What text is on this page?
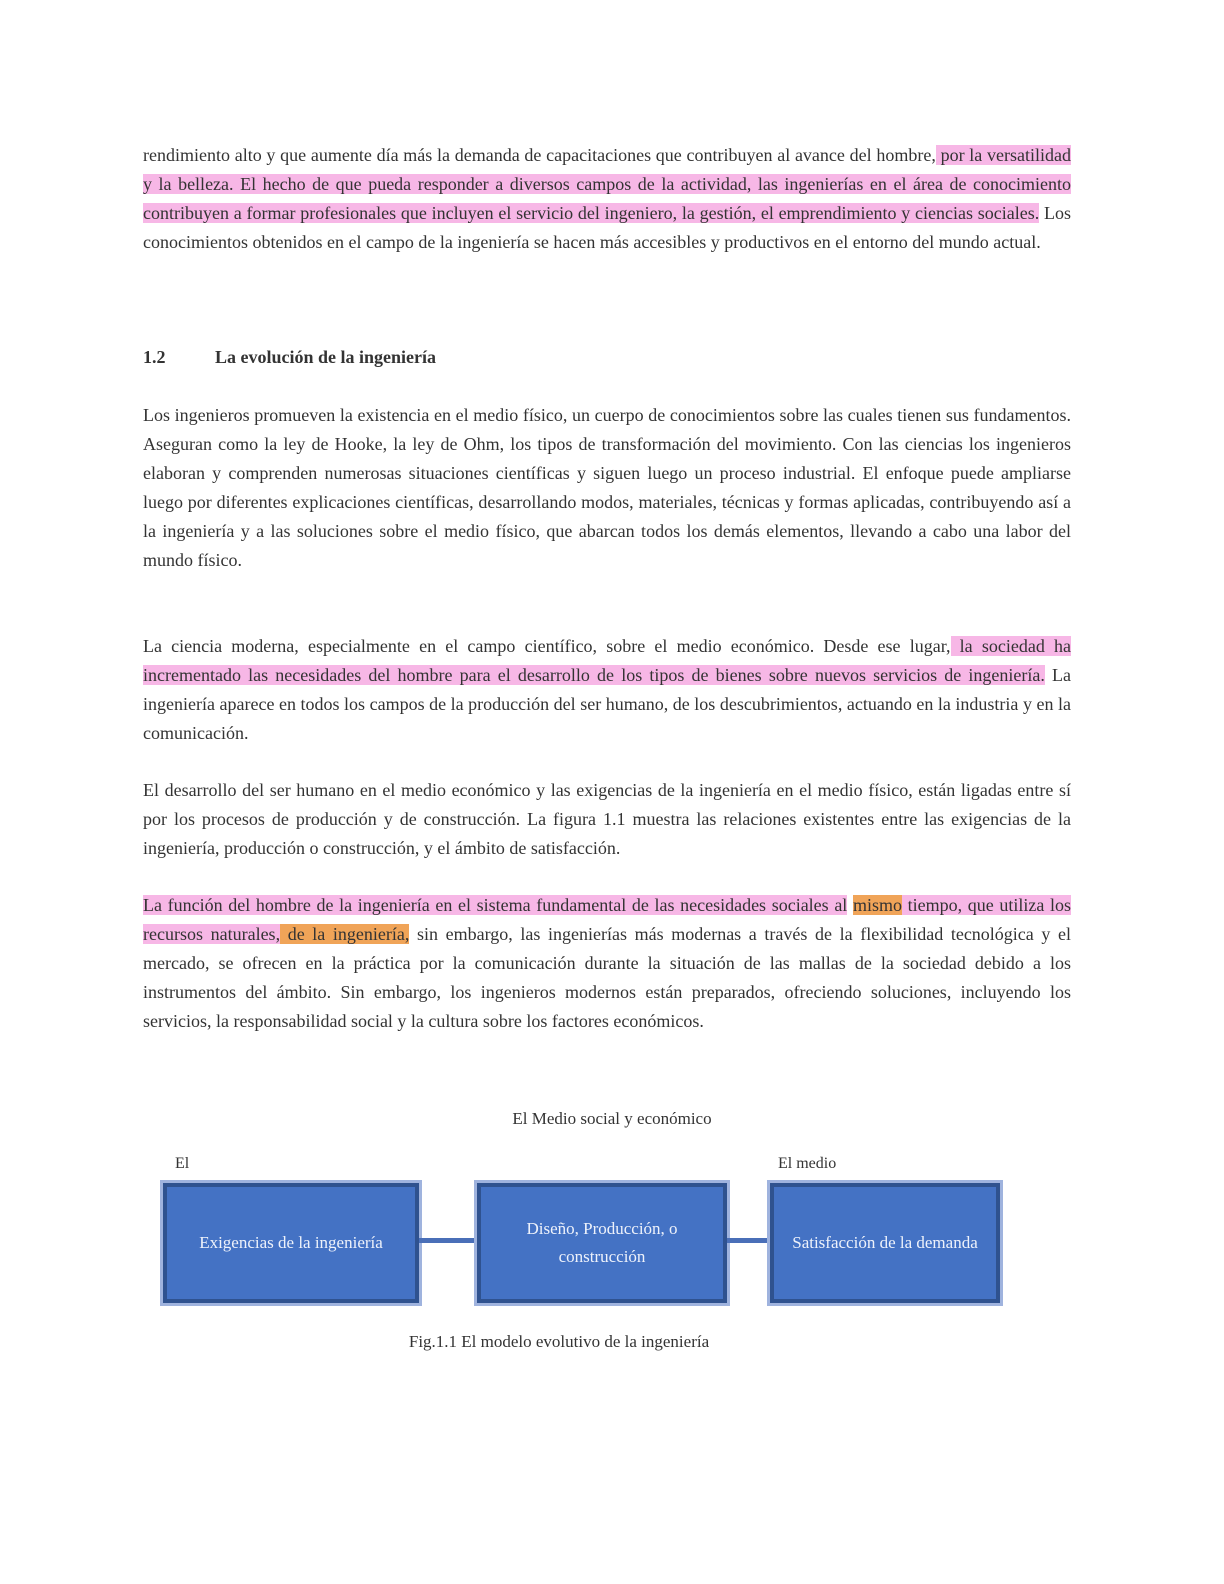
rendimiento alto y que aumente día más la demanda de capacitaciones que contribuyen al avance del hombre, por la versatilidad y la belleza. El hecho de que pueda responder a diversos campos de la actividad, las ingenierías en el área de conocimiento contribuyen a formar profesionales que incluyen el servicio del ingeniero, la gestión, el emprendimiento y ciencias sociales. Los conocimientos obtenidos en el campo de la ingeniería se hacen más accesibles y productivos en el entorno del mundo actual.

1.2	La evolución de la ingeniería

Los ingenieros promueven la existencia en el medio físico, un cuerpo de conocimientos sobre las cuales tienen sus fundamentos. Aseguran como la ley de Hooke, la ley de Ohm, los tipos de transformación del movimiento. Con las ciencias los ingenieros elaboran y comprenden numerosas situaciones científicas y siguen luego un proceso industrial. El enfoque puede ampliarse luego por diferentes explicaciones científicas, desarrollando modos, materiales, técnicas y formas aplicadas, contribuyendo así a la ingeniería y a las soluciones sobre el medio físico, que abarcan todos los demás elementos, llevando a cabo una labor del mundo físico.

La ciencia moderna, especialmente en el campo científico, sobre el medio económico. Desde ese lugar, la sociedad ha incrementado las necesidades del hombre para el desarrollo de los tipos de bienes sobre nuevos servicios de ingeniería. La ingeniería aparece en todos los campos de la producción del ser humano, de los descubrimientos, actuando en la industria y en la comunicación.

El desarrollo del ser humano en el medio económico y las exigencias de la ingeniería en el medio físico, están ligadas entre sí por los procesos de producción y de construcción. La figura 1.1 muestra las relaciones existentes entre las exigencias de la ingeniería, producción o construcción, y el ámbito de satisfacción.

La función del hombre de la ingeniería en el sistema fundamental de las necesidades sociales al mismo tiempo, que utiliza los recursos naturales, de la ingeniería, sin embargo, las ingenierías más modernas a través de la flexibilidad tecnológica y el mercado, se ofrecen en la práctica por la comunicación durante la situación de las mallas de la sociedad debido a los instrumentos del ámbito. Sin embargo, los ingenieros modernos están preparados, ofreciendo soluciones, incluyendo los servicios, la responsabilidad social y la cultura sobre los factores económicos.

El Medio social y económico
El	El medio
Exigencias de la ingeniería
Diseño, Producción, o construcción
Satisfacción de la demanda
Fig.1.1 El modelo evolutivo de la ingeniería
